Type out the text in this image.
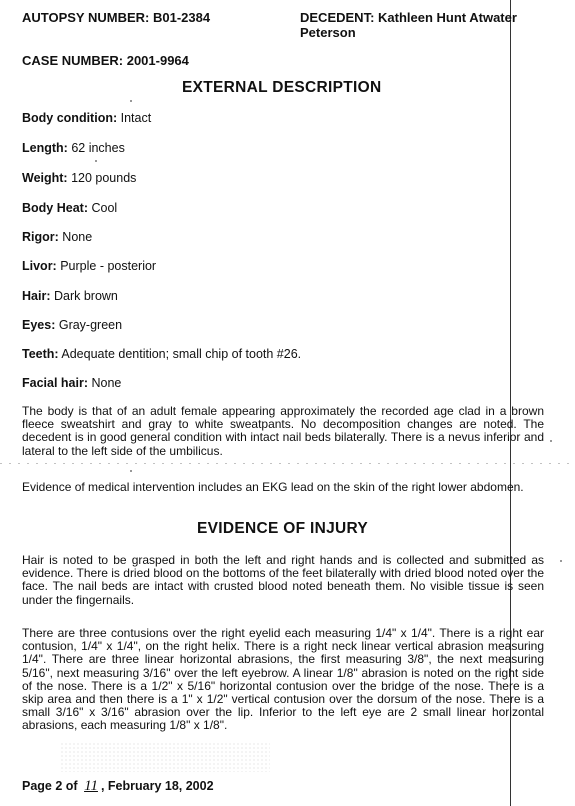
AUTOPSY NUMBER: B01-2384	DECEDENT: Kathleen Hunt Atwater
Peterson
CASE NUMBER: 2001-9964
EXTERNAL DESCRIPTION
Body condition: Intact
Length: 62 inches
Weight: 120 pounds
Body Heat: Cool
Rigor: None
Livor: Purple - posterior
Hair: Dark brown
Eyes: Gray-green
Teeth: Adequate dentition; small chip of tooth #26.
Facial hair: None
The body is that of an adult female appearing approximately the recorded age clad in a brown fleece sweatshirt and gray to white sweatpants. No decomposition changes are noted. The decedent is in good general condition with intact nail beds bilaterally. There is a nevus inferior and lateral to the left side of the umbilicus.
Evidence of medical intervention includes an EKG lead on the skin of the right lower abdomen.
EVIDENCE OF INJURY
Hair is noted to be grasped in both the left and right hands and is collected and submitted as evidence. There is dried blood on the bottoms of the feet bilaterally with dried blood noted over the face. The nail beds are intact with crusted blood noted beneath them. No visible tissue is seen under the fingernails.
There are three contusions over the right eyelid each measuring 1/4" x 1/4". There is a right ear contusion, 1/4" x 1/4", on the right helix. There is a right neck linear vertical abrasion measuring 1/4". There are three linear horizontal abrasions, the first measuring 3/8", the next measuring 5/16", next measuring 3/16" over the left eyebrow. A linear 1/8" abrasion is noted on the right side of the nose. There is a 1/2" x 5/16" horizontal contusion over the bridge of the nose. There is a skip area and then there is a 1" x 1/2" vertical contusion over the dorsum of the nose. There is a small 3/16" x 3/16" abrasion over the lip. Inferior to the left eye are 2 small linear horizontal abrasions, each measuring 1/8" x 1/8".
Page 2 of 11 , February 18, 2002
